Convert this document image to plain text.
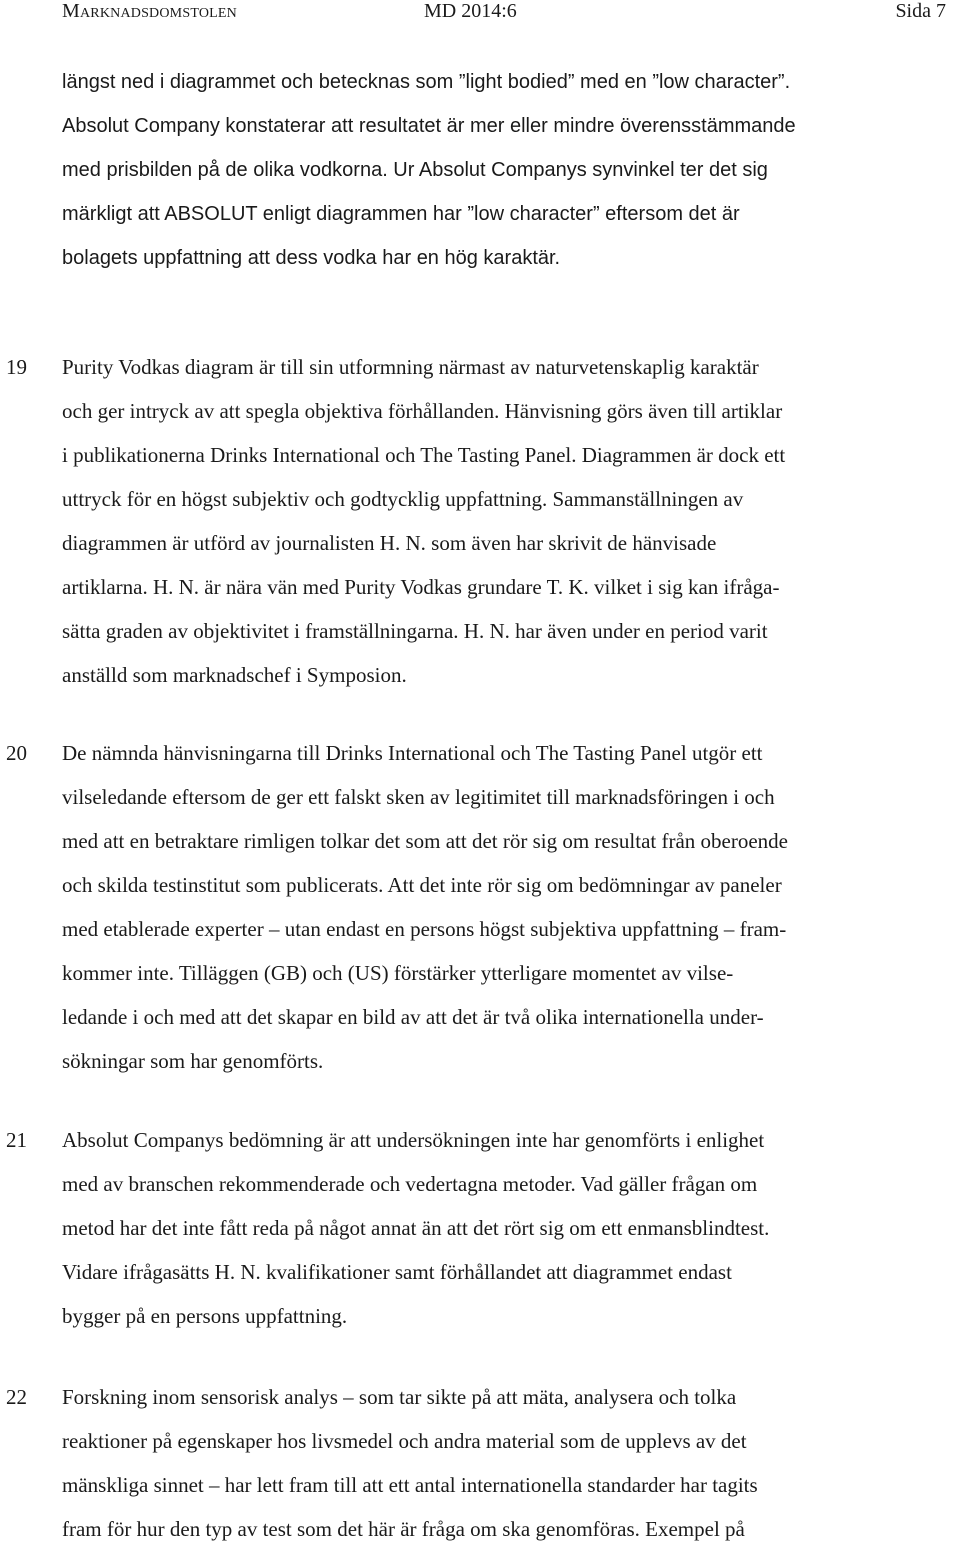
Marknadsdomstolen	MD 2014:6	Sida 7
längst ned i diagrammet och betecknas som ”light bodied” med en ”low character”.
Absolut Company konstaterar att resultatet är mer eller mindre överensstämmande
med prisbilden på de olika vodkorna. Ur Absolut Companys synvinkel ter det sig
märkligt att ABSOLUT enligt diagrammen har ”low character” eftersom det är
bolagets uppfattning att dess vodka har en hög karaktär.
19 Purity Vodkas diagram är till sin utformning närmast av naturvetenskaplig karaktär
och ger intryck av att spegla objektiva förhållanden. Hänvisning görs även till artiklar
i publikationerna Drinks International och The Tasting Panel. Diagrammen är dock ett
uttryck för en högst subjektiv och godtycklig uppfattning. Sammanställningen av
diagrammen är utförd av journalisten H. N. som även har skrivit de hänvisade
artiklarna. H. N. är nära vän med Purity Vodkas grundare T. K. vilket i sig kan ifråga-
sätta graden av objektivitet i framställningarna. H. N. har även under en period varit
anställd som marknadschef i Symposion.
20 De nämnda hänvisningarna till Drinks International och The Tasting Panel utgör ett
vilseledande eftersom de ger ett falskt sken av legitimitet till marknadsföringen i och
med att en betraktare rimligen tolkar det som att det rör sig om resultat från oberoende
och skilda testinstitut som publicerats. Att det inte rör sig om bedömningar av paneler
med etablerade experter – utan endast en persons högst subjektiva uppfattning – fram-
kommer inte. Tilläggen (GB) och (US) förstärker ytterligare momentet av vilse-
ledande i och med att det skapar en bild av att det är två olika internationella under-
sökningar som har genomförts.
21 Absolut Companys bedömning är att undersökningen inte har genomförts i enlighet
med av branschen rekommenderade och vedertagna metoder. Vad gäller frågan om
metod har det inte fått reda på något annat än att det rört sig om ett enmansblindtest.
Vidare ifrågasätts H. N. kvalifikationer samt förhållandet att diagrammet endast
bygger på en persons uppfattning.
22 Forskning inom sensorisk analys – som tar sikte på att mäta, analysera och tolka
reaktioner på egenskaper hos livsmedel och andra material som de upplevs av det
mänskliga sinnet – har lett fram till att ett antal internationella standarder har tagits
fram för hur den typ av test som det här är fråga om ska genomföras. Exempel på
